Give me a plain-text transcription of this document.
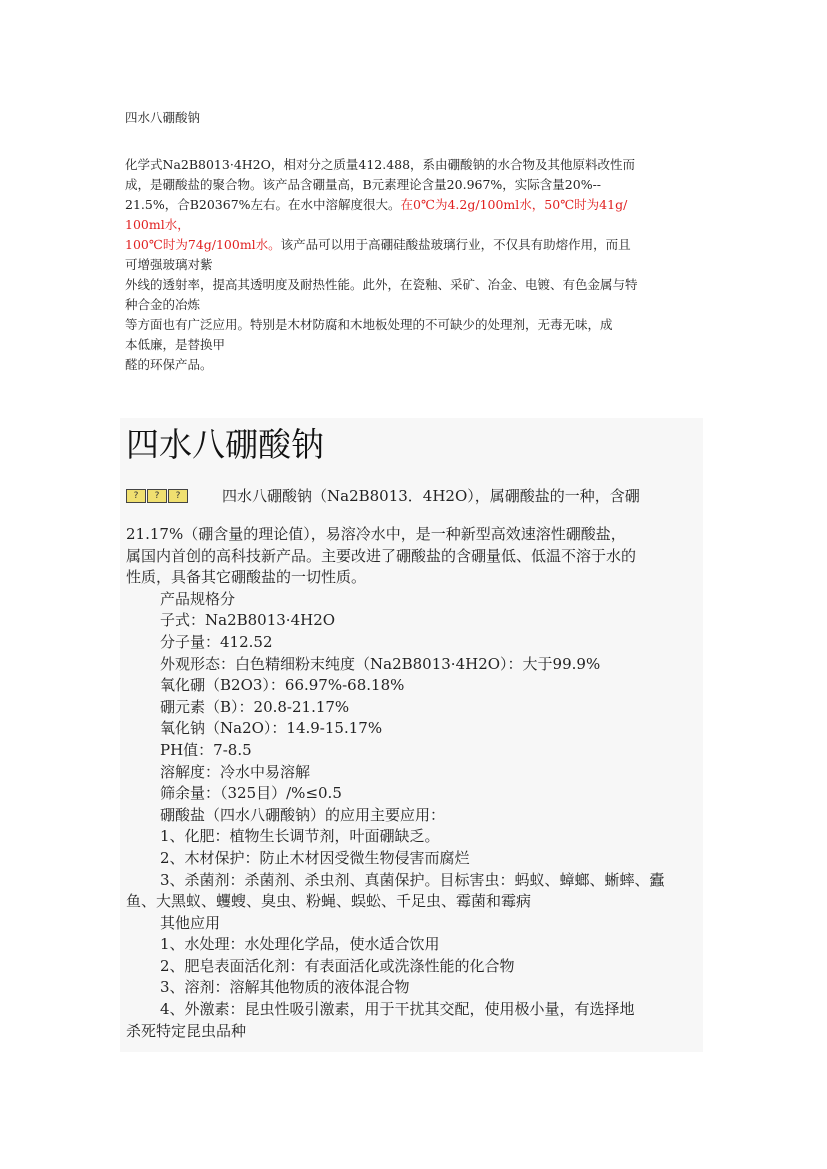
四水八硼酸钠
化学式Na2B8013·4H2O，相对分之质量412.488，系由硼酸钠的水合物及其他原料改性而
成，是硼酸盐的聚合物。该产品含硼量高，B元素理论含量20.967%，实际含量20%--
21.5%，合B20367%左右。在水中溶解度很大。在0℃为4.2g/100ml水，50℃时为41g/
100ml水，
100℃时为74g/100ml水。该产品可以用于高硼硅酸盐玻璃行业，不仅具有助熔作用，而且
可增强玻璃对紫
外线的透射率，提高其透明度及耐热性能。此外，在瓷釉、采矿、冶金、电镀、有色金属与特
种合金的冶炼
等方面也有广泛应用。特别是木材防腐和木地板处理的不可缺少的处理剂，无毒无味，成
本低廉，是替换甲
醛的环保产品。
四水八硼酸钠
?	?	?	四水八硼酸钠（Na2B8013．4H2O），属硼酸盐的一种，含硼
21.17%（硼含量的理论值），易溶冷水中，是一种新型高效速溶性硼酸盐，
属国内首创的高科技新产品。主要改进了硼酸盐的含硼量低、低温不溶于水的
性质，具备其它硼酸盐的一切性质。
产品规格分
子式：Na2B8013·4H2O
分子量：412.52
外观形态：白色精细粉末纯度（Na2B8013·4H2O）：大于99.9%
氧化硼（B2O3）：66.97%-68.18%
硼元素（B）：20.8-21.17%
氧化钠（Na2O）：14.9-15.17%
PH值：7-8.5
溶解度：冷水中易溶解
筛余量：（325目）/%≤0.5
硼酸盐（四水八硼酸钠）的应用主要应用：
1、化肥：植物生长调节剂，叶面硼缺乏。
2、木材保护：防止木材因受微生物侵害而腐烂
3、杀菌剂：杀菌剂、杀虫剂、真菌保护。目标害虫：蚂蚁、蟑螂、蜥蟀、蠹
鱼、大黑蚁、蠼螋、臭虫、粉蝇、蜈蚣、千足虫、霉菌和霉病
其他应用
1、水处理：水处理化学品，使水适合饮用
2、肥皂表面活化剂：有表面活化或洗涤性能的化合物
3、溶剂：溶解其他物质的液体混合物
4、外激素：昆虫性吸引激素，用于干扰其交配，使用极小量，有选择地
杀死特定昆虫品种
